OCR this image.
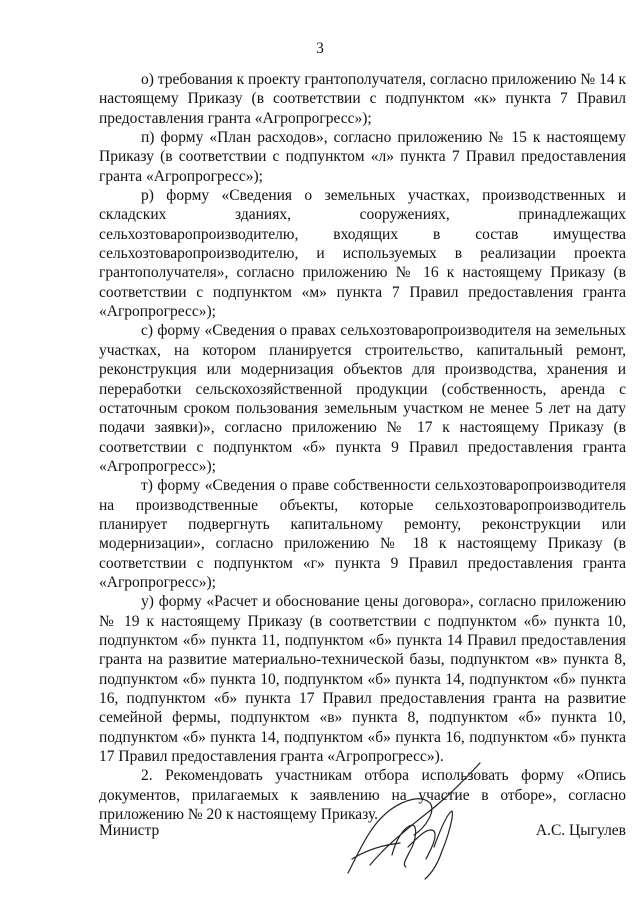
3

о) требования к проекту грантополучателя, согласно приложению № 14 к настоящему Приказу (в соответствии с подпунктом «к» пункта 7 Правил предоставления гранта «Агропрогресс»);

п) форму «План расходов», согласно приложению № 15 к настоящему Приказу (в соответствии с подпунктом «л» пункта 7 Правил предоставления гранта «Агропрогресс»);

р) форму «Сведения о земельных участках, производственных и складских зданиях, сооружениях, принадлежащих сельхозтоваропроизводителю, входящих в состав имущества сельхозтоваропроизводителю, и используемых в реализации проекта грантополучателя», согласно приложению № 16 к настоящему Приказу (в соответствии с подпунктом «м» пункта 7 Правил предоставления гранта «Агропрогресс»);

с) форму «Сведения о правах сельхозтоваропроизводителя на земельных участках, на котором планируется строительство, капитальный ремонт, реконструкция или модернизация объектов для производства, хранения и переработки сельскохозяйственной продукции (собственность, аренда с остаточным сроком пользования земельным участком не менее 5 лет на дату подачи заявки)», согласно приложению № 17 к настоящему Приказу (в соответствии с подпунктом «б» пункта 9 Правил предоставления гранта «Агропрогресс»);

т) форму «Сведения о праве собственности сельхозтоваропроизводителя на производственные объекты, которые сельхозтоваропроизводитель планирует подвергнуть капитальному ремонту, реконструкции или модернизации», согласно приложению № 18 к настоящему Приказу (в соответствии с подпунктом «г» пункта 9 Правил предоставления гранта «Агропрогресс»);

у) форму «Расчет и обоснование цены договора», согласно приложению № 19 к настоящему Приказу (в соответствии с подпунктом «б» пункта 10, подпунктом «б» пункта 11, подпунктом «б» пункта 14 Правил предоставления гранта на развитие материально-технической базы, подпунктом «в» пункта 8, подпунктом «б» пункта 10, подпунктом «б» пункта 14, подпунктом «б» пункта 16, подпунктом «б» пункта 17 Правил предоставления гранта на развитие семейной фермы, подпунктом «в» пункта 8, подпунктом «б» пункта 10, подпунктом «б» пункта 14, подпунктом «б» пункта 16, подпунктом «б» пункта 17 Правил предоставления гранта «Агропрогресс»).

2. Рекомендовать участникам отбора использовать форму «Опись документов, прилагаемых к заявлению на участие в отборе», согласно приложению № 20 к настоящему Приказу.

Министр	А.С. Цыгулев
